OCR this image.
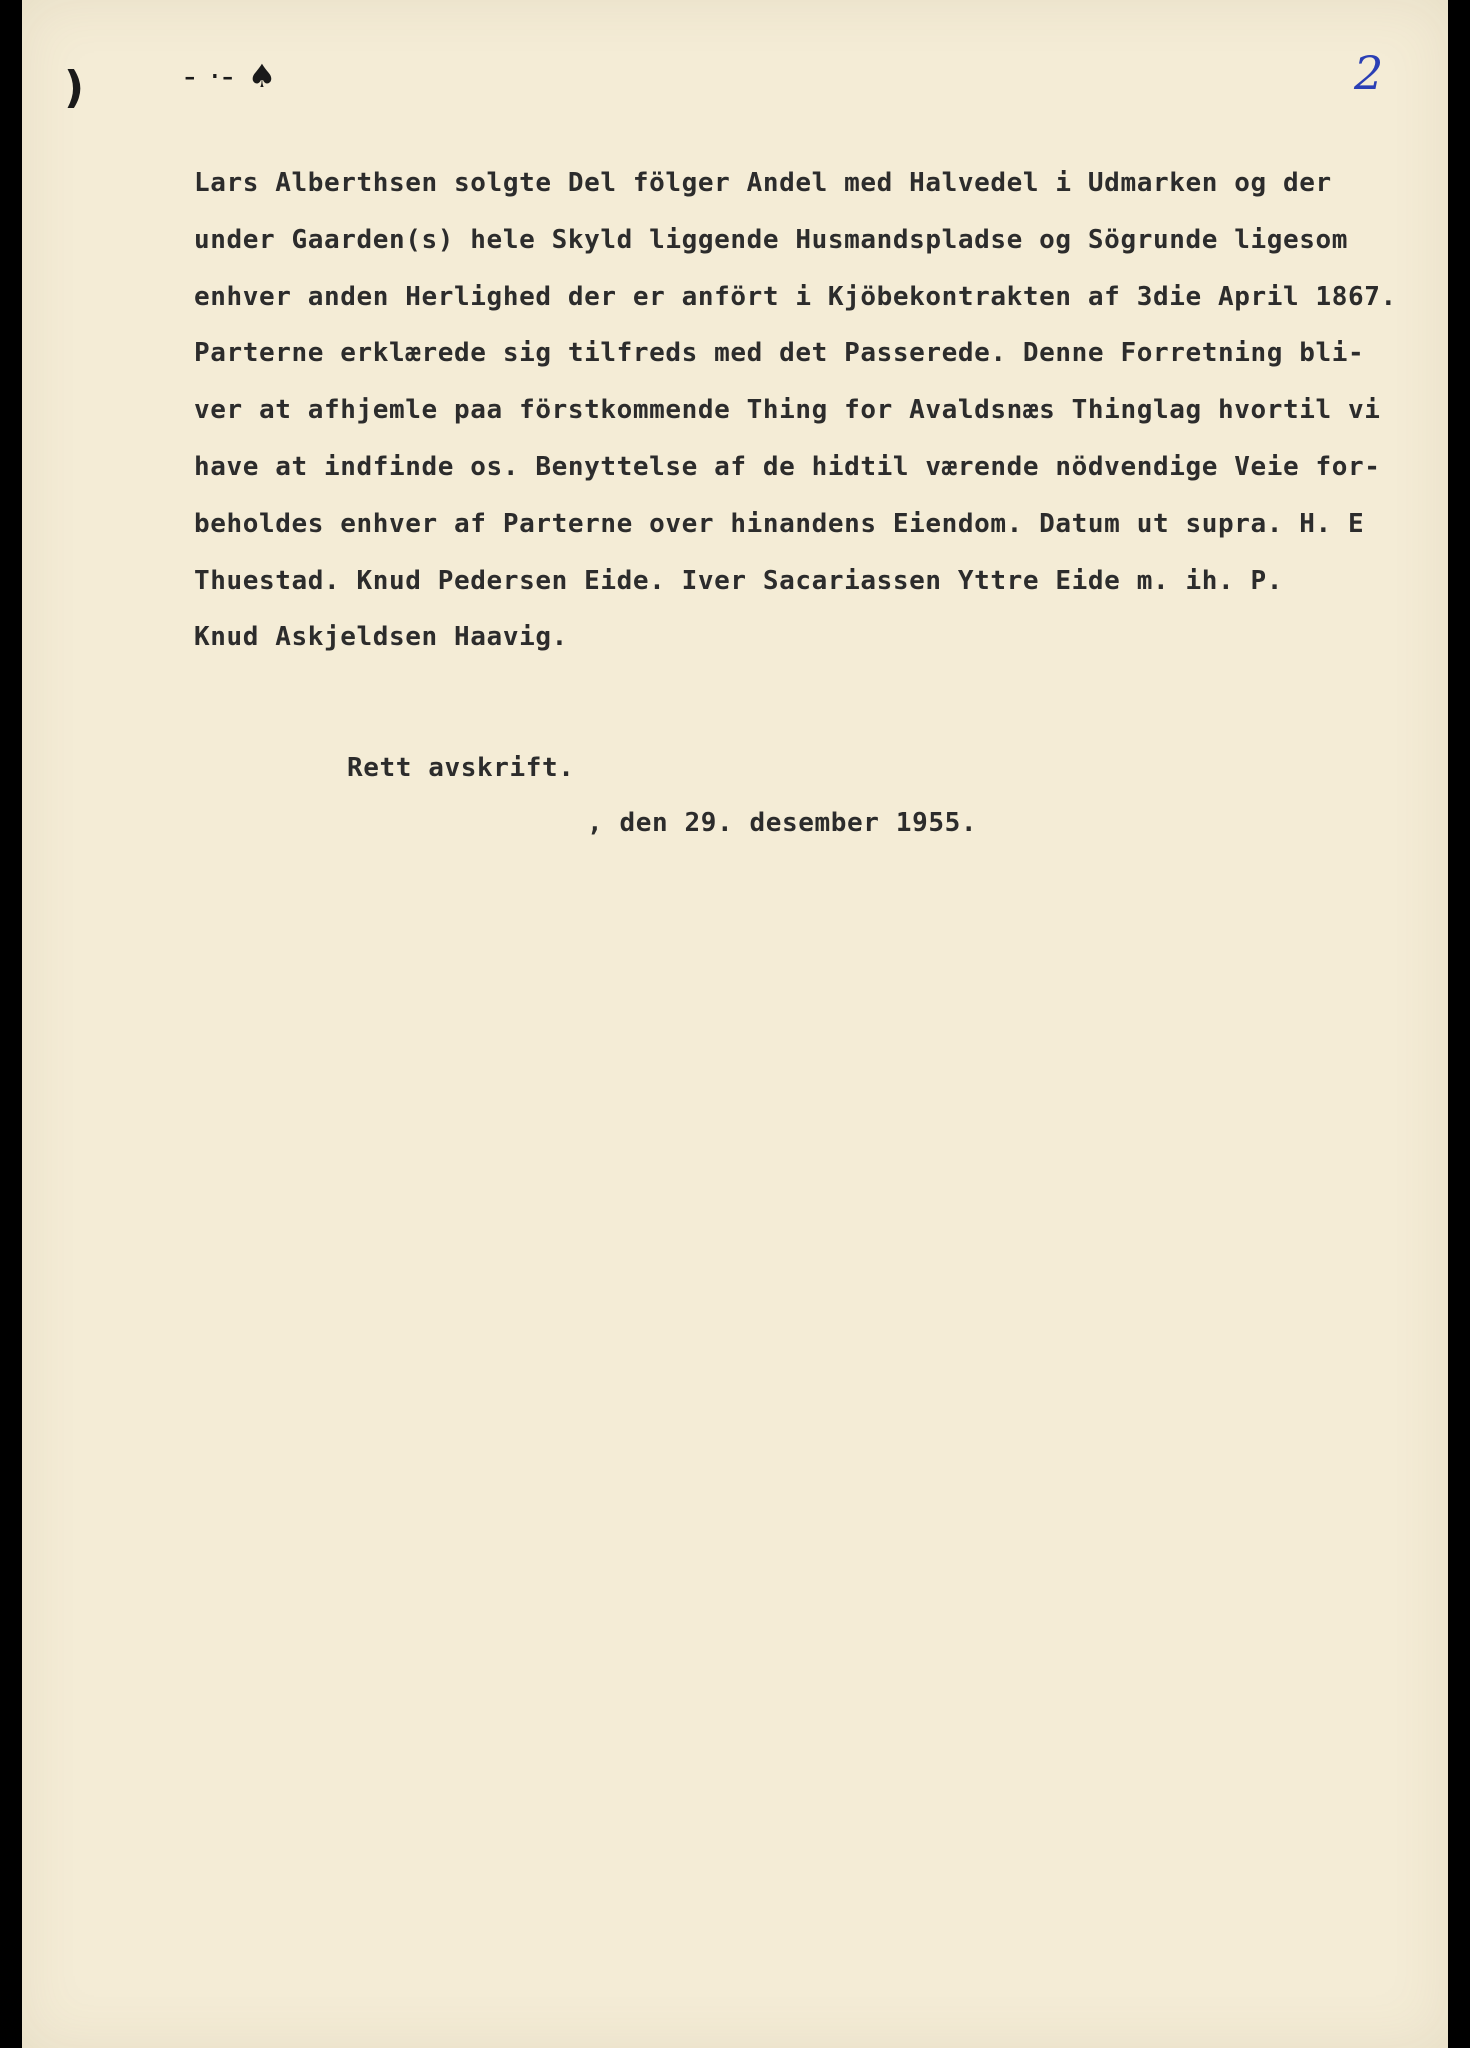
)	- ·- ♠	2
Lars Alberthsen solgte Del fölger Andel med Halvedel i Udmarken og der
under Gaarden(s) hele Skyld liggende Husmandspladse og Sögrunde ligesom
enhver anden Herlighed der er anfört i Kjöbekontrakten af 3die April 1867.
Parterne erklærede sig tilfreds med det Passerede. Denne Forretning bli-
ver at afhjemle paa förstkommende Thing for Avaldsnæs Thinglag hvortil vi
have at indfinde os. Benyttelse af de hidtil værende nödvendige Veie for-
beholdes enhver af Parterne over hinandens Eiendom. Datum ut supra. H. E
Thuestad. Knud Pedersen Eide. Iver Sacariassen Yttre Eide m. ih. P.
Knud Askjeldsen Haavig.
Rett avskrift.
, den 29. desember 1955.
